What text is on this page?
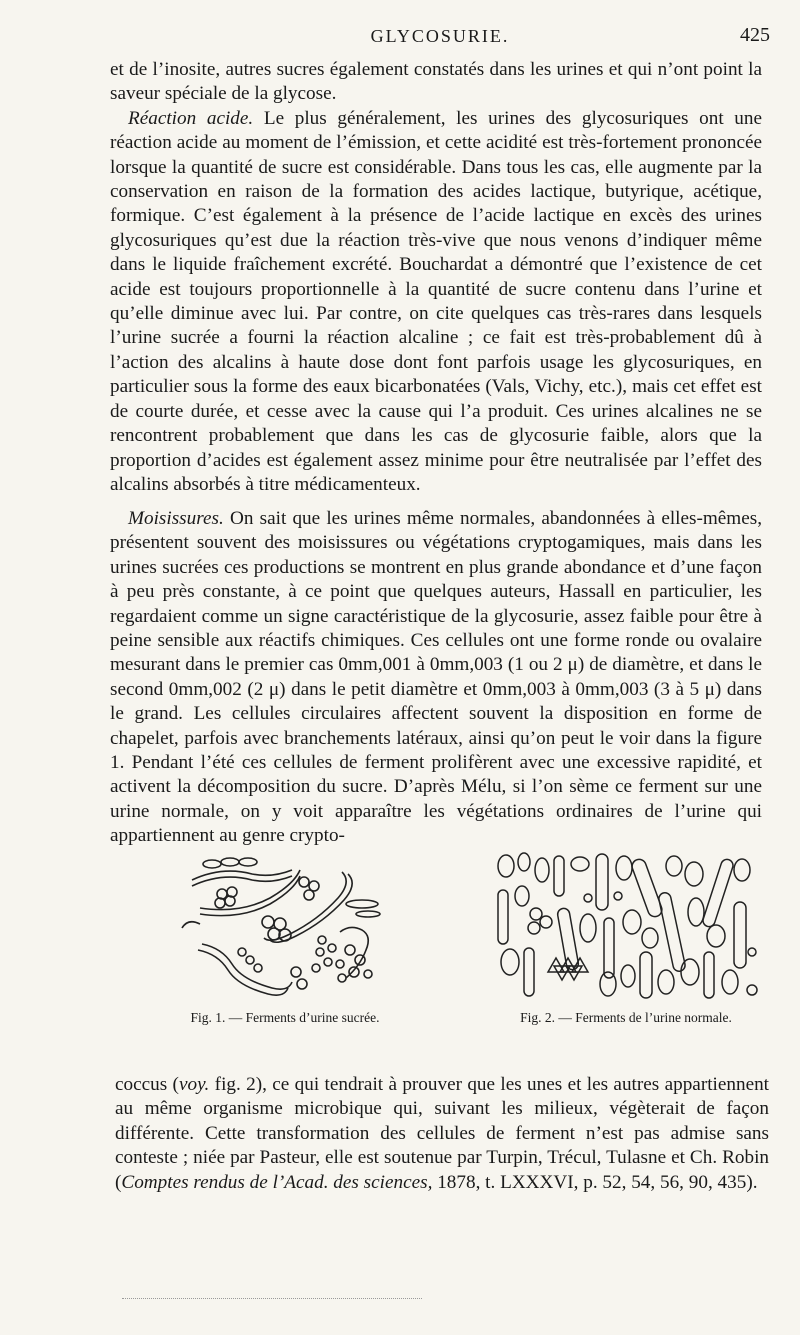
GLYCOSURIE.	425

et de l’inosite, autres sucres également constatés dans les urines et qui n’ont point la saveur spéciale de la glycose.

Réaction acide. Le plus généralement, les urines des glycosuriques ont une réaction acide au moment de l’émission, et cette acidité est très-fortement prononcée lorsque la quantité de sucre est considérable. Dans tous les cas, elle augmente par la conservation en raison de la formation des acides lactique, butyrique, acétique, formique. C’est également à la présence de l’acide lactique en excès des urines glycosuriques qu’est due la réaction très-vive que nous venons d’indiquer même dans le liquide fraîchement excrété. Bouchardat a démontré que l’existence de cet acide est toujours proportionnelle à la quantité de sucre contenu dans l’urine et qu’elle diminue avec lui. Par contre, on cite quelques cas très-rares dans lesquels l’urine sucrée a fourni la réaction alcaline ; ce fait est très-probablement dû à l’action des alcalins à haute dose dont font parfois usage les glycosuriques, en particulier sous la forme des eaux bicarbonatées (Vals, Vichy, etc.), mais cet effet est de courte durée, et cesse avec la cause qui l’a produit. Ces urines alcalines ne se rencontrent probablement que dans les cas de glycosurie faible, alors que la proportion d’acides est également assez minime pour être neutralisée par l’effet des alcalins absorbés à titre médicamenteux.

Moisissures. On sait que les urines même normales, abandonnées à elles-mêmes, présentent souvent des moisissures ou végétations cryptogamiques, mais dans les urines sucrées ces productions se montrent en plus grande abondance et d’une façon à peu près constante, à ce point que quelques auteurs, Hassall en particulier, les regardaient comme un signe caractéristique de la glycosurie, assez faible pour être à peine sensible aux réactifs chimiques. Ces cellules ont une forme ronde ou ovalaire mesurant dans le premier cas 0mm,001 à 0mm,003 (1 ou 2 μ) de diamètre, et dans le second 0mm,002 (2 μ) dans le petit diamètre et 0mm,003 à 0mm,003 (3 à 5 μ) dans le grand. Les cellules circulaires affectent souvent la disposition en forme de chapelet, parfois avec branchements latéraux, ainsi qu’on peut le voir dans la figure 1. Pendant l’été ces cellules de ferment prolifèrent avec une excessive rapidité, et activent la décomposition du sucre. D’après Mélu, si l’on sème ce ferment sur une urine normale, on y voit apparaître les végétations ordinaires de l’urine qui appartiennent au genre crypto-

Fig. 1. — Ferments d’urine sucrée.	Fig. 2. — Ferments de l’urine normale.

coccus (voy. fig. 2), ce qui tendrait à prouver que les unes et les autres appartiennent au même organisme microbique qui, suivant les milieux, végèterait de façon différente. Cette transformation des cellules de ferment n’est pas admise sans conteste ; niée par Pasteur, elle est soutenue par Turpin, Trécul, Tulasne et Ch. Robin (Comptes rendus de l’Acad. des sciences, 1878, t. LXXXVI, p. 52, 54, 56, 90, 435).
